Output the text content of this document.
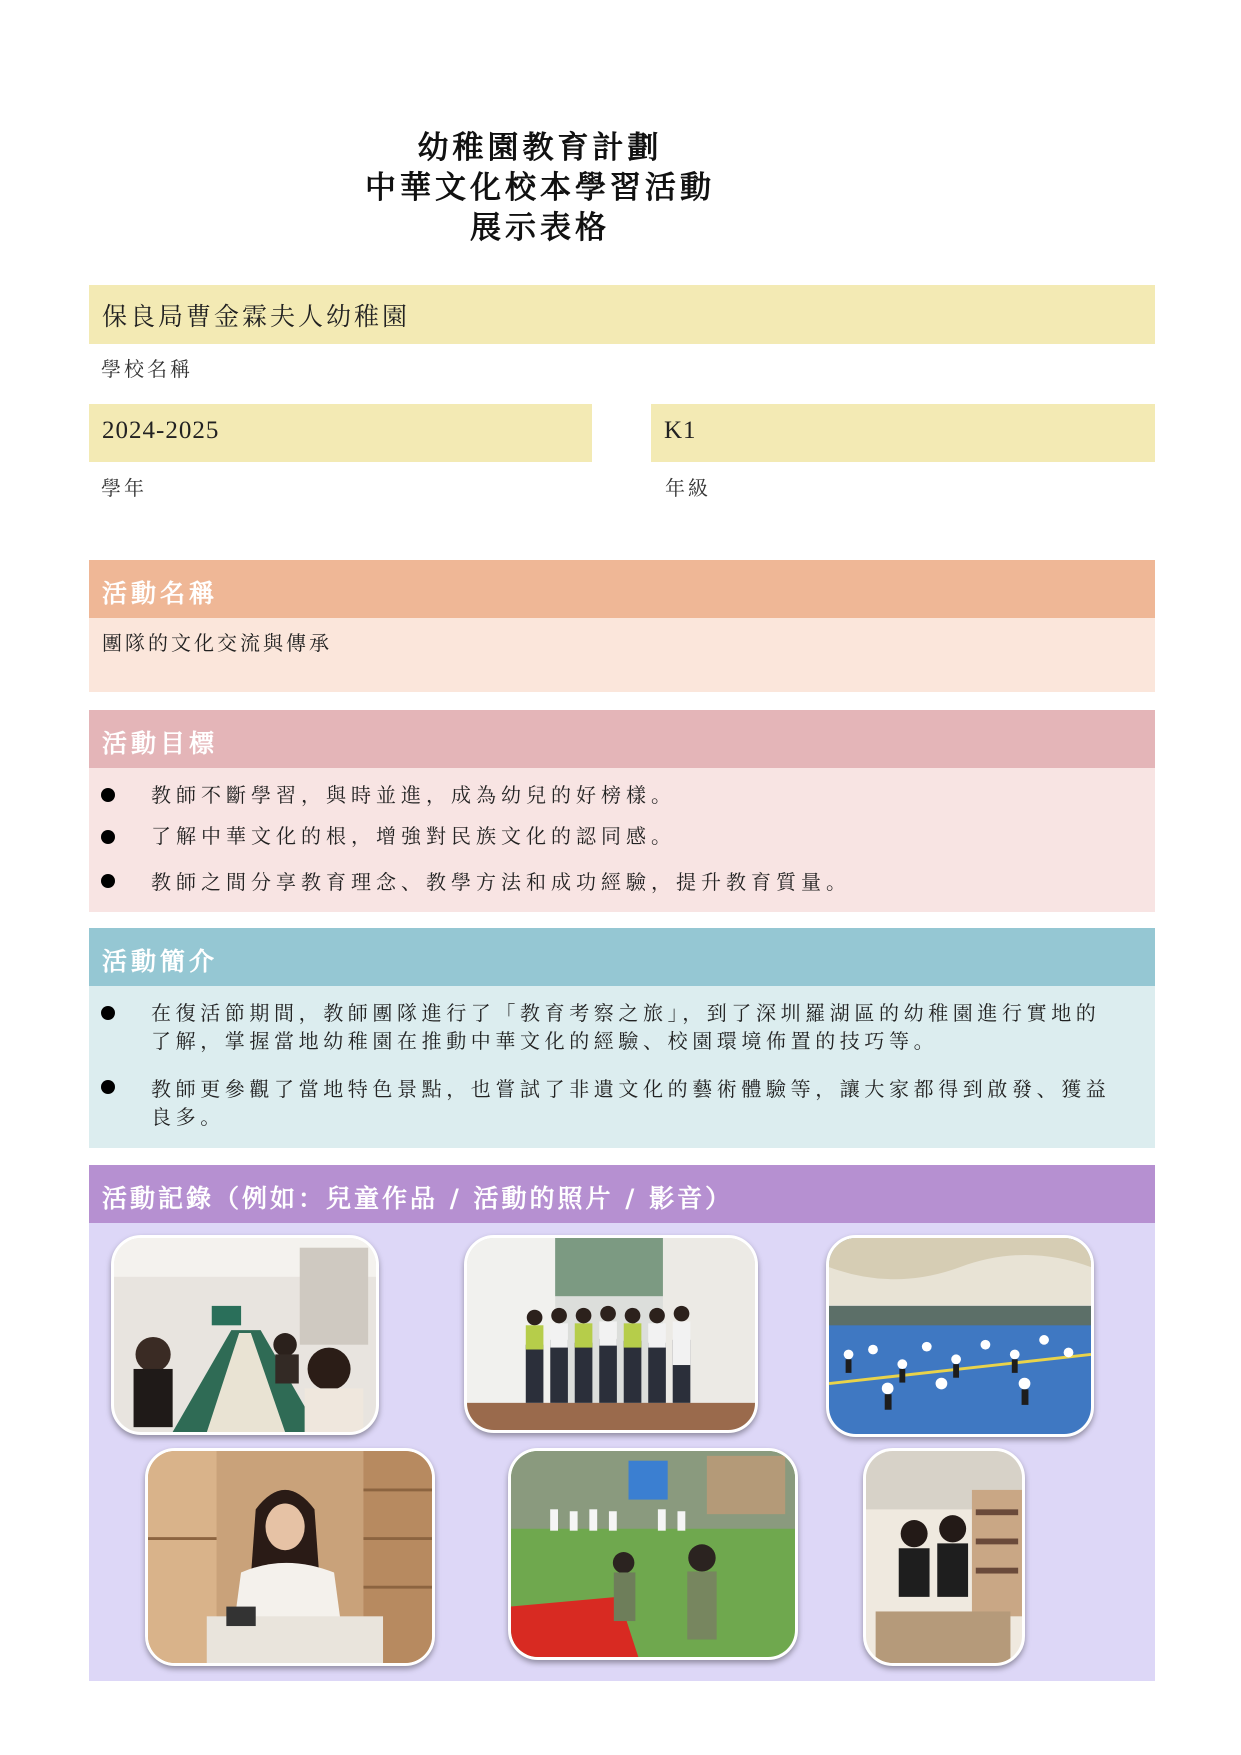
幼稚園教育計劃
中華文化校本學習活動
展示表格
保良局曹金霖夫人幼稚園
學校名稱
2024-2025
學年
K1
年級
活動名稱
團隊的文化交流與傳承
活動目標
教師不斷學習，與時並進，成為幼兒的好榜樣。
了解中華文化的根，增強對民族文化的認同感。
教師之間分享教育理念、教學方法和成功經驗，提升教育質量。
活動簡介
在復活節期間，教師團隊進行了「教育考察之旅」，到了深圳羅湖區的幼稚園進行實地的
了解，掌握當地幼稚園在推動中華文化的經驗、校園環境佈置的技巧等。
教師更參觀了當地特色景點，也嘗試了非遺文化的藝術體驗等，讓大家都得到啟發、獲益
良多。
活動記錄（例如：兒童作品 / 活動的照片 / 影音）
